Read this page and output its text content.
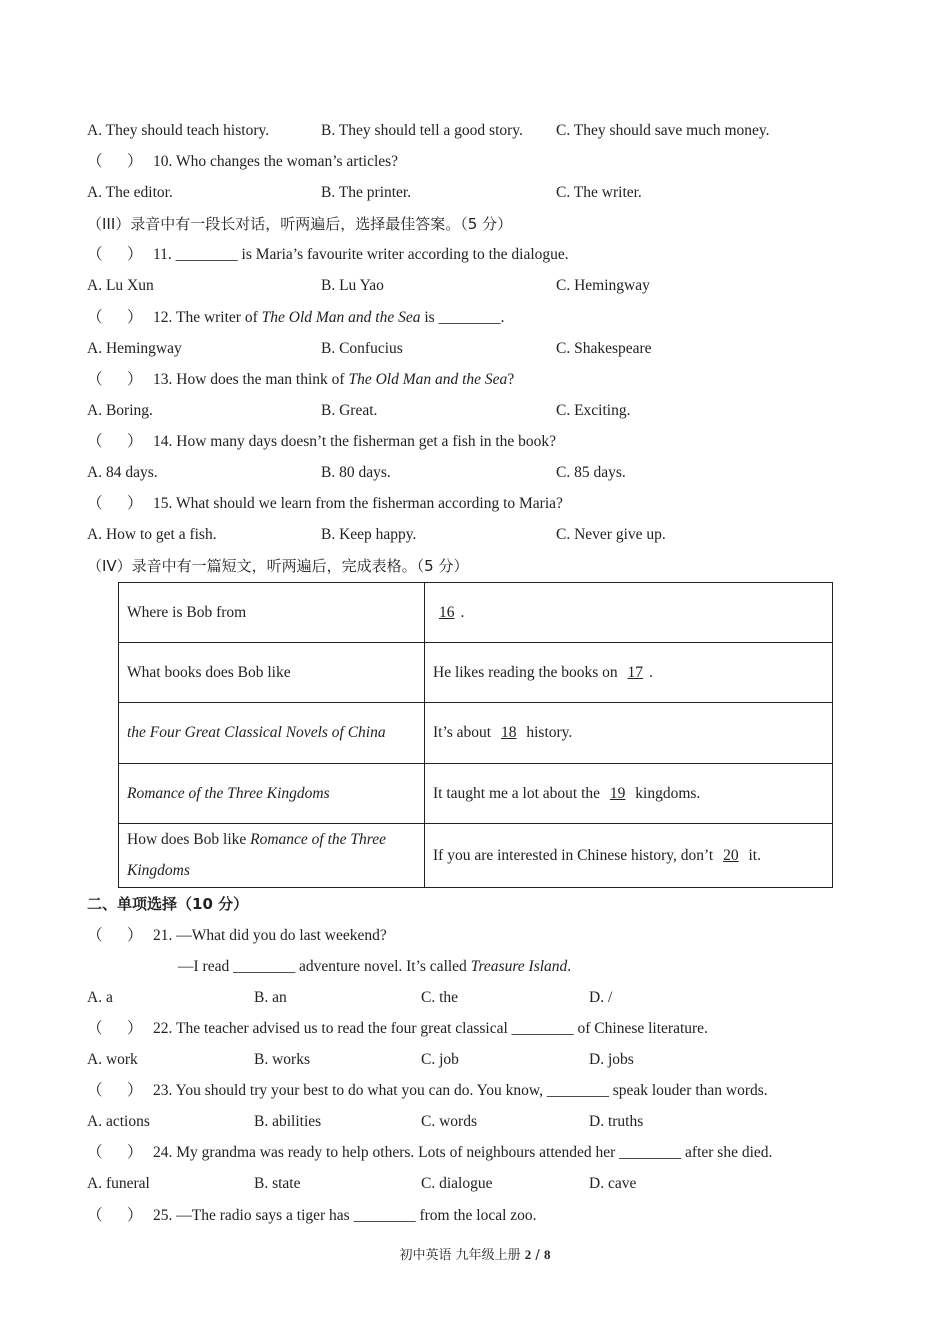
A. They should teach history.	B. They should tell a good story. C. They should save much money.
（ ） 10. Who changes the woman’s articles?
A. The editor.	B. The printer.	C. The writer.
（III）录音中有一段长对话，听两遍后，选择最佳答案。（5 分）
（ ） 11. ________ is Maria’s favourite writer according to the dialogue.
A. Lu Xun	B. Lu Yao	C. Hemingway
（ ） 12. The writer of The Old Man and the Sea is ________.
A. Hemingway	B. Confucius	C. Shakespeare
（ ） 13. How does the man think of The Old Man and the Sea?
A. Boring.	B. Great.	C. Exciting.
（ ） 14. How many days doesn’t the fisherman get a fish in the book?
A. 84 days.	B. 80 days.	C. 85 days.
（ ） 15. What should we learn from the fisherman according to Maria?
A. How to get a fish.	B. Keep happy.	C. Never give up.
（IV）录音中有一篇短文，听两遍后，完成表格。（5 分）
Where is Bob from	16 .
What books does Bob like	He likes reading the books on 17 .
the Four Great Classical Novels of China	It’s about 18 history.
Romance of the Three Kingdoms	It taught me a lot about the 19 kingdoms.
How does Bob like Romance of the Three
Kingdoms	If you are interested in Chinese history, don’t 20 it.
二、单项选择（10 分）
（ ） 21. —What did you do last weekend?
—I read ________ adventure novel. It’s called Treasure Island.
A. a	B. an	C. the	D. /
（ ） 22. The teacher advised us to read the four great classical ________ of Chinese literature.
A. work	B. works	C. job	D. jobs
（ ） 23. You should try your best to do what you can do. You know, ________ speak louder than words.
A. actions	B. abilities	C. words	D. truths
（ ） 24. My grandma was ready to help others. Lots of neighbours attended her ________ after she died.
A. funeral	B. state	C. dialogue	D. cave
（ ） 25. —The radio says a tiger has ________ from the local zoo.
初中英语 九年级上册 2 / 8
